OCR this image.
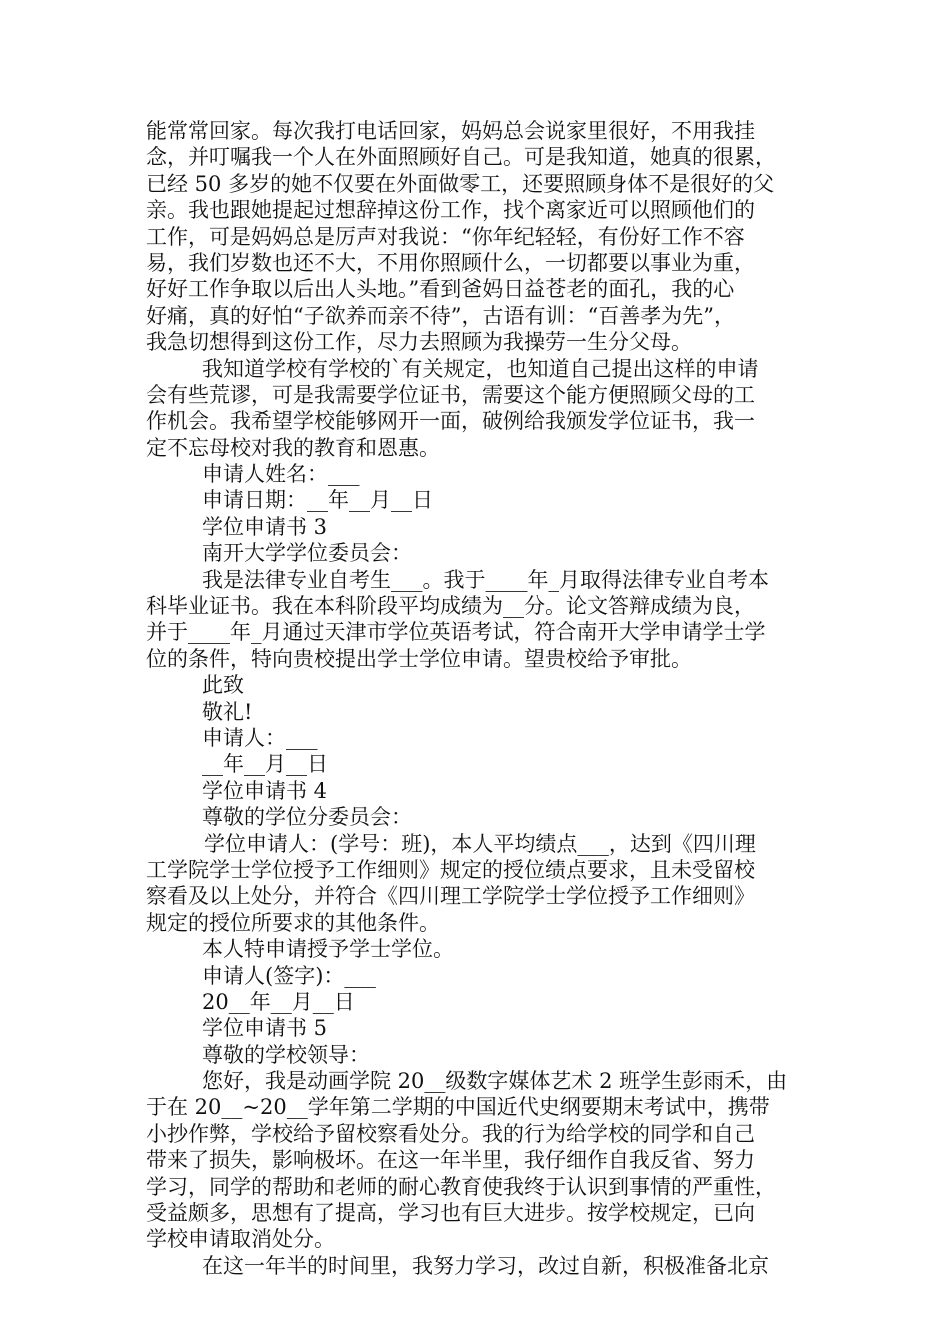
能常常回家。每次我打电话回家，妈妈总会说家里很好，不用我挂
念，并叮嘱我一个人在外面照顾好自己。可是我知道，她真的很累，
已经 50 多岁的她不仅要在外面做零工，还要照顾身体不是很好的父
亲。我也跟她提起过想辞掉这份工作，找个离家近可以照顾他们的
工作，可是妈妈总是厉声对我说：“你年纪轻轻，有份好工作不容
易，我们岁数也还不大，不用你照顾什么，一切都要以事业为重，
好好工作争取以后出人头地。”看到爸妈日益苍老的面孔，我的心
好痛，真的好怕“子欲养而亲不待”，古语有训：“百善孝为先”，
我急切想得到这份工作，尽力去照顾为我操劳一生分父母。
我知道学校有学校的`有关规定，也知道自己提出这样的申请
会有些荒谬，可是我需要学位证书，需要这个能方便照顾父母的工
作机会。我希望学校能够网开一面，破例给我颁发学位证书，我一
定不忘母校对我的教育和恩惠。
申请人姓名：___
申请日期：__年__月__日
学位申请书 3
南开大学学位委员会：
我是法律专业自考生___。我于____年_月取得法律专业自考本
科毕业证书。我在本科阶段平均成绩为__分。论文答辩成绩为良，
并于____年_月通过天津市学位英语考试，符合南开大学申请学士学
位的条件，特向贵校提出学士学位申请。望贵校给予审批。
此致
敬礼!
申请人：___
__年__月__日
学位申请书 4
尊敬的学位分委员会：
学位申请人：(学号：班)，本人平均绩点___，达到《四川理
工学院学士学位授予工作细则》规定的授位绩点要求，且未受留校
察看及以上处分，并符合《四川理工学院学士学位授予工作细则》
规定的授位所要求的其他条件。
本人特申请授予学士学位。
申请人(签字)：___
20__年__月__日
学位申请书 5
尊敬的学校领导：
您好，我是动画学院 20__级数字媒体艺术 2 班学生彭雨禾，由
于在 20__~20__学年第二学期的中国近代史纲要期末考试中，携带
小抄作弊，学校给予留校察看处分。我的行为给学校的同学和自己
带来了损失，影响极坏。在这一年半里，我仔细作自我反省、努力
学习，同学的帮助和老师的耐心教育使我终于认识到事情的严重性，
受益颇多，思想有了提高，学习也有巨大进步。按学校规定，已向
学校申请取消处分。
在这一年半的时间里，我努力学习，改过自新，积极准备北京
